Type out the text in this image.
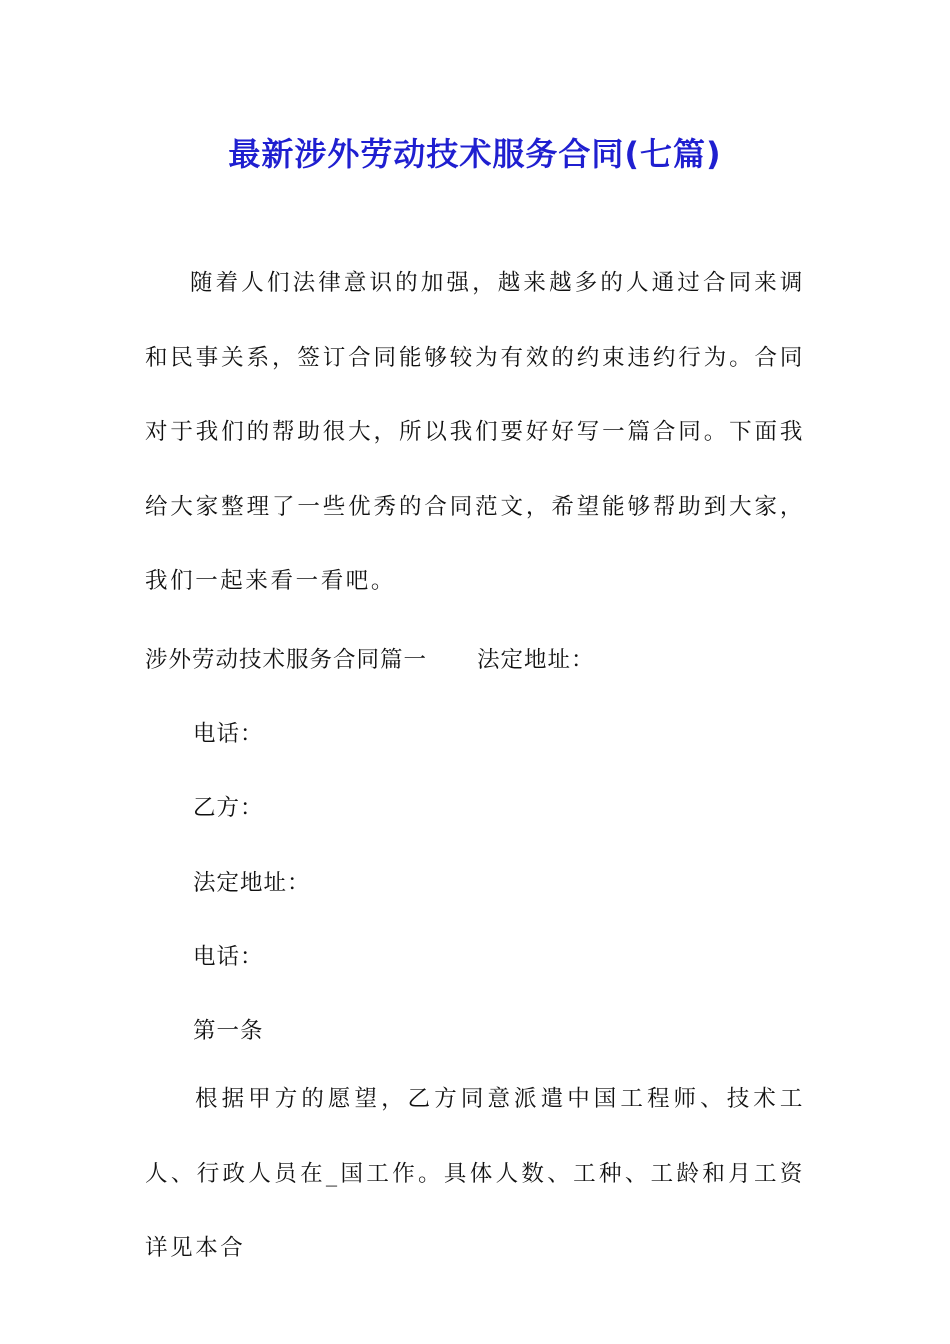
最新涉外劳动技术服务合同(七篇)

随着人们法律意识的加强，越来越多的人通过合同来调和民事关系，签订合同能够较为有效的约束违约行为。合同对于我们的帮助很大，所以我们要好好写一篇合同。下面我给大家整理了一些优秀的合同范文，希望能够帮助到大家，我们一起来看一看吧。

涉外劳动技术服务合同篇一 法定地址：
电话：
乙方：
法定地址：
电话：
第一条

根据甲方的愿望，乙方同意派遣中国工程师、技术工人、行政人员在_国工作。具体人数、工种、工龄和月工资详见本合
